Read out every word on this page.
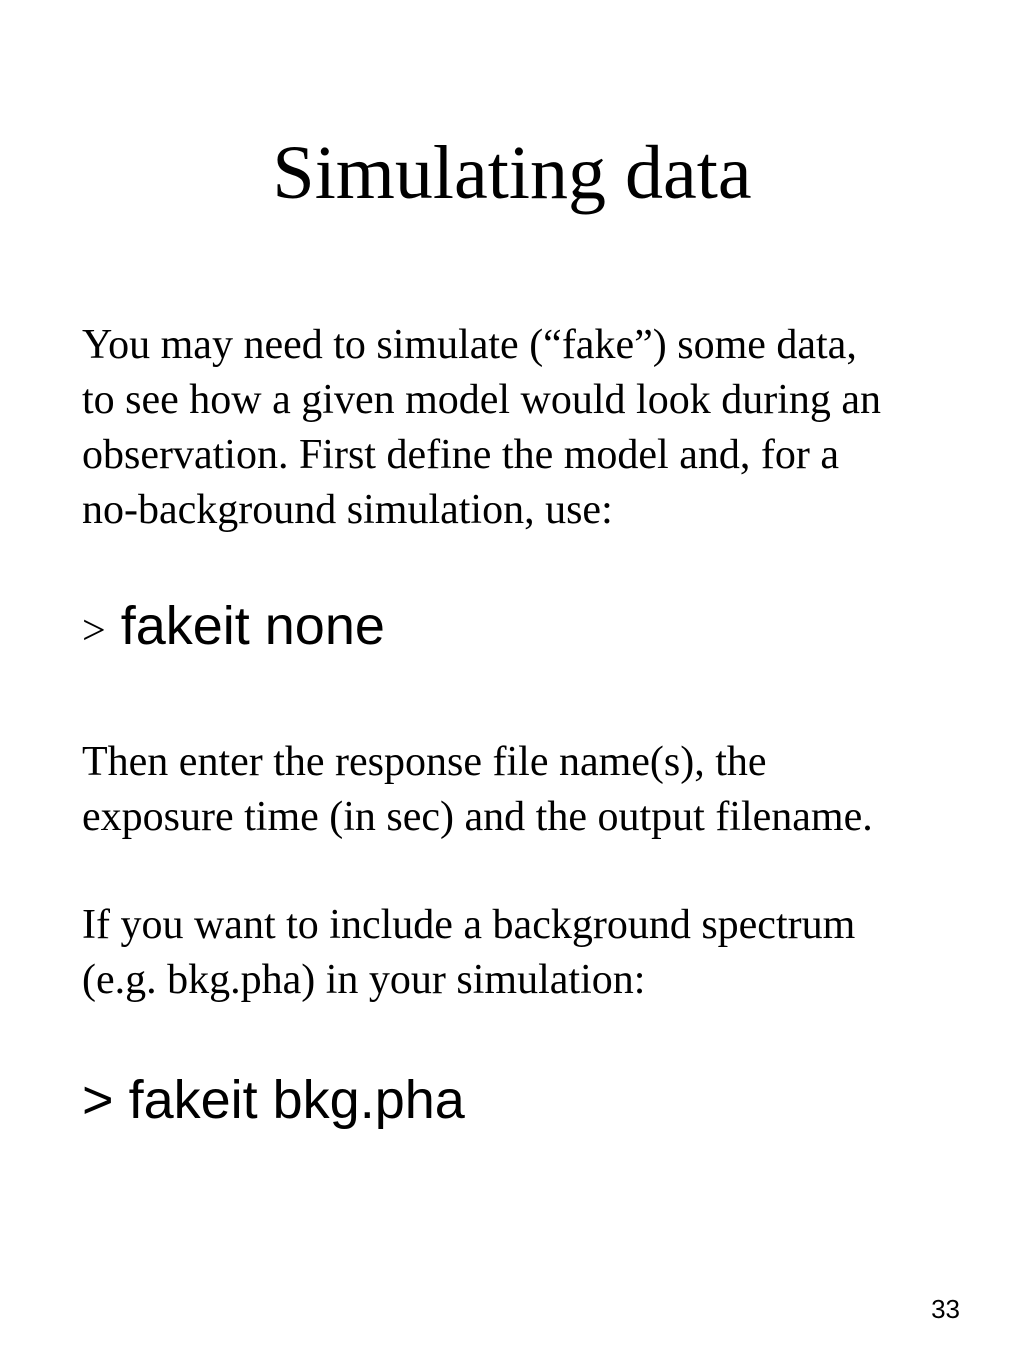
Simulating data

You may need to simulate (“fake”) some data,
to see how a given model would look during an
observation. First define the model and, for a
no-background simulation, use:

> fakeit none

Then enter the response file name(s), the
exposure time (in sec) and the output filename.

If you want to include a background spectrum
(e.g. bkg.pha) in your simulation:

> fakeit bkg.pha

33
